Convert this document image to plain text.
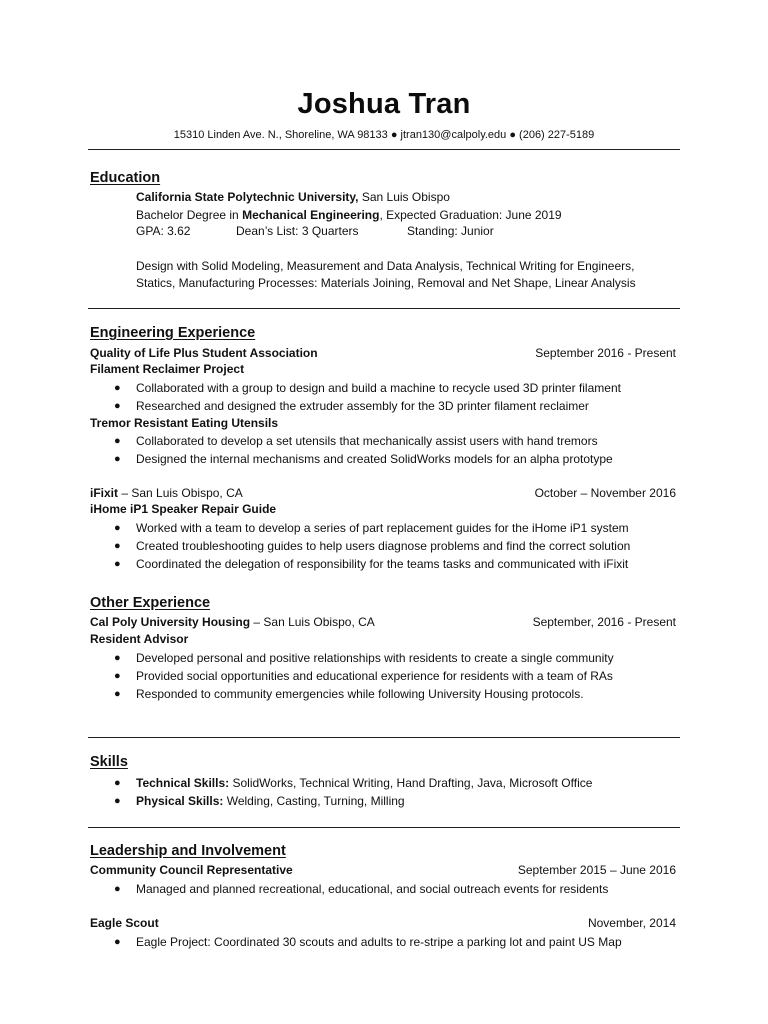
Joshua Tran
15310 Linden Ave. N., Shoreline, WA 98133 ● jtran130@calpoly.edu ● (206) 227-5189
Education
California State Polytechnic University, San Luis Obispo
Bachelor Degree in Mechanical Engineering, Expected Graduation: June 2019
GPA: 3.62	Dean’s List: 3 Quarters	Standing: Junior
Design with Solid Modeling, Measurement and Data Analysis, Technical Writing for Engineers,
Statics, Manufacturing Processes: Materials Joining, Removal and Net Shape, Linear Analysis
Engineering Experience
Quality of Life Plus Student Association	September 2016 - Present
Filament Reclaimer Project
● Collaborated with a group to design and build a machine to recycle used 3D printer filament
● Researched and designed the extruder assembly for the 3D printer filament reclaimer
Tremor Resistant Eating Utensils
● Collaborated to develop a set utensils that mechanically assist users with hand tremors
● Designed the internal mechanisms and created SolidWorks models for an alpha prototype
iFixit – San Luis Obispo, CA	October – November 2016
iHome iP1 Speaker Repair Guide
● Worked with a team to develop a series of part replacement guides for the iHome iP1 system
● Created troubleshooting guides to help users diagnose problems and find the correct solution
● Coordinated the delegation of responsibility for the teams tasks and communicated with iFixit
Other Experience
Cal Poly University Housing – San Luis Obispo, CA	September, 2016 - Present
Resident Advisor
● Developed personal and positive relationships with residents to create a single community
● Provided social opportunities and educational experience for residents with a team of RAs
● Responded to community emergencies while following University Housing protocols.
Skills
● Technical Skills: SolidWorks, Technical Writing, Hand Drafting, Java, Microsoft Office
● Physical Skills: Welding, Casting, Turning, Milling
Leadership and Involvement
Community Council Representative	September 2015 – June 2016
● Managed and planned recreational, educational, and social outreach events for residents
Eagle Scout	November, 2014
● Eagle Project: Coordinated 30 scouts and adults to re-stripe a parking lot and paint US Map
